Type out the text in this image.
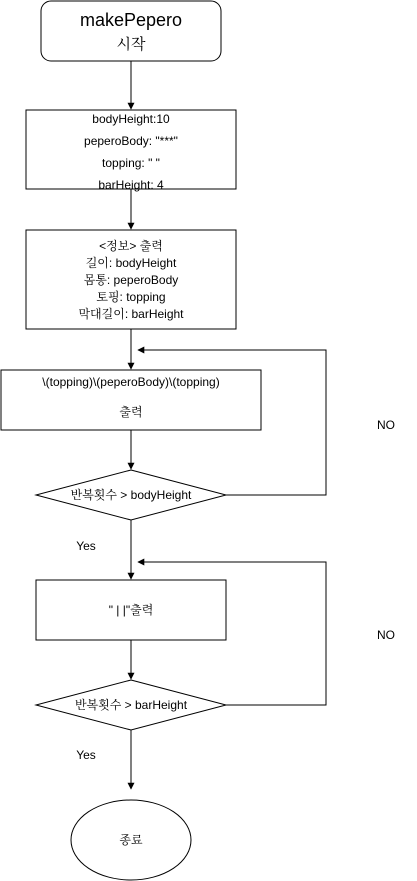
makePepero
시작
bodyHeight:10
peperoBody: "***"
topping: " "
barHeight: 4
<정보> 출력
길이: bodyHeight
몸통: peperoBody
토핑: topping
막대길이: barHeight
\(topping)\(peperoBody)\(topping)
출력
반복횟수 > bodyHeight
NO
Yes
" | |"출력
반복횟수 > barHeight
NO
Yes
종료
